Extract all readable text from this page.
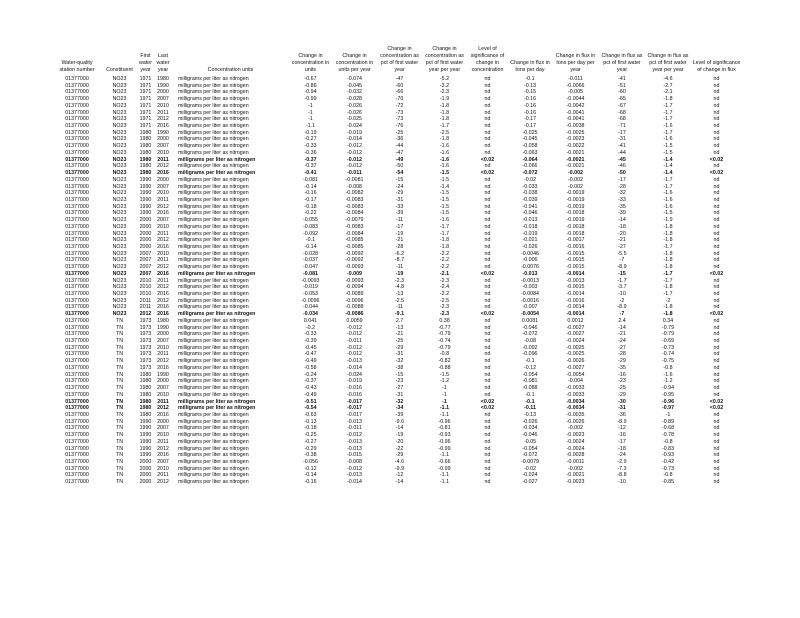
Water-quality station number	Constituent	First water year	Last water year	Concentration units	Change in concentration in units	Change in concentration in units per year	Change in concentration as pct of first water year	Change in concentration as pct of first water year per year	Level of significance of change in concentration	Change in flux in tons per day	Change in flux in tons per day per year	Change in flux as pct of first water year	Change in flux as pct of first water year per year	Level of significance of change in flux
01377000	NO23	1971	1980	milligrams per liter as nitrogen	-0.67	-0.074	-47	-5.2	nd	-0.1	-0.011	-41	-4.6	nd
01377000	NO23	1971	1990	milligrams per liter as nitrogen	-0.86	-0.045	-60	-3.2	nd	-0.13	-0.0066	-51	-2.7	nd
01377000	NO23	1971	2000	milligrams per liter as nitrogen	-0.94	-0.032	-66	-2.3	nd	-0.15	-0.005	-60	-2.1	nd
01377000	NO23	1971	2007	milligrams per liter as nitrogen	-0.99	-0.028	-70	-1.9	nd	-0.16	-0.0044	-65	-1.8	nd
01377000	NO23	1971	2010	milligrams per liter as nitrogen	-1	-0.026	-72	-1.8	nd	-0.16	-0.0042	-67	-1.7	nd
01377000	NO23	1971	2011	milligrams per liter as nitrogen	-1	-0.026	-73	-1.8	nd	-0.16	-0.0041	-68	-1.7	nd
01377000	NO23	1971	2012	milligrams per liter as nitrogen	-1	-0.025	-73	-1.8	nd	-0.17	-0.0041	-68	-1.7	nd
01377000	NO23	1971	2016	milligrams per liter as nitrogen	-1.1	-0.024	-76	-1.7	nd	-0.17	-0.0038	-71	-1.6	nd
01377000	NO23	1980	1990	milligrams per liter as nitrogen	-0.19	-0.019	-25	-2.5	nd	-0.025	-0.0025	-17	-1.7	nd
01377000	NO23	1980	2000	milligrams per liter as nitrogen	-0.27	-0.014	-36	-1.8	nd	-0.045	-0.0023	-31	-1.6	nd
01377000	NO23	1980	2007	milligrams per liter as nitrogen	-0.33	-0.012	-44	-1.6	nd	-0.058	-0.0022	-41	-1.5	nd
01377000	NO23	1980	2010	milligrams per liter as nitrogen	-0.36	-0.012	-47	-1.6	nd	-0.063	-0.0021	-44	-1.5	nd
01377000	NO23	1980	2011	milligrams per liter as nitrogen	-0.37	-0.012	-49	-1.6	<0.02	-0.064	-0.0021	-45	-1.4	<0.02
01377000	NO23	1980	2012	milligrams per liter as nitrogen	-0.37	-0.012	-50	-1.6	nd	-0.066	-0.0021	-46	-1.4	nd
01377000	NO23	1980	2016	milligrams per liter as nitrogen	-0.41	-0.011	-54	-1.5	<0.02	-0.072	-0.002	-50	-1.4	<0.02
01377000	NO23	1990	2000	milligrams per liter as nitrogen	-0.081	-0.0081	-15	-1.5	nd	-0.02	-0.002	-17	-1.7	nd
01377000	NO23	1990	2007	milligrams per liter as nitrogen	-0.14	-0.008	-24	-1.4	nd	-0.033	-0.002	-28	-1.7	nd
01377000	NO23	1990	2010	milligrams per liter as nitrogen	-0.16	-0.0082	-29	-1.5	nd	-0.038	-0.0019	-32	-1.6	nd
01377000	NO23	1990	2011	milligrams per liter as nitrogen	-0.17	-0.0083	-31	-1.5	nd	-0.039	-0.0019	-33	-1.6	nd
01377000	NO23	1990	2012	milligrams per liter as nitrogen	-0.18	-0.0083	-33	-1.5	nd	-0.041	-0.0019	-35	-1.6	nd
01377000	NO23	1990	2016	milligrams per liter as nitrogen	-0.22	-0.0084	-39	-1.5	nd	-0.046	-0.0018	-39	-1.5	nd
01377000	NO23	2000	2007	milligrams per liter as nitrogen	-0.055	-0.0079	-11	-1.6	nd	-0.013	-0.0019	-14	-1.9	nd
01377000	NO23	2000	2010	milligrams per liter as nitrogen	-0.083	-0.0083	-17	-1.7	nd	-0.018	-0.0018	-18	-1.8	nd
01377000	NO23	2000	2011	milligrams per liter as nitrogen	-0.092	-0.0084	-19	-1.7	nd	-0.019	-0.0018	-20	-1.8	nd
01377000	NO23	2000	2012	milligrams per liter as nitrogen	-0.1	-0.0085	-21	-1.8	nd	-0.021	-0.0017	-21	-1.8	nd
01377000	NO23	2000	2016	milligrams per liter as nitrogen	-0.14	-0.0085	-28	-1.8	nd	-0.026	-0.0016	-27	-1.7	nd
01377000	NO23	2007	2010	milligrams per liter as nitrogen	-0.028	-0.0092	-6.2	-2.2	nd	-0.0046	-0.0015	-5.5	-1.8	nd
01377000	NO23	2007	2011	milligrams per liter as nitrogen	-0.037	-0.0092	-8.7	-2.2	nd	-0.006	-0.0015	-7	-1.8	nd
01377000	NO23	2007	2012	milligrams per liter as nitrogen	-0.047	-0.0093	-11	-2.2	nd	-0.0076	-0.0015	-8.9	-1.8	nd
01377000	NO23	2007	2016	milligrams per liter as nitrogen	-0.081	-0.009	-19	-2.1	<0.02	-0.013	-0.0014	-15	-1.7	<0.02
01377000	NO23	2010	2011	milligrams per liter as nitrogen	-0.0093	-0.0093	-2.3	-2.3	nd	-0.0013	-0.0013	-1.7	-1.7	nd
01377000	NO23	2010	2012	milligrams per liter as nitrogen	-0.019	-0.0094	-4.8	-2.4	nd	-0.003	-0.0015	-3.7	-1.8	nd
01377000	NO23	2010	2016	milligrams per liter as nitrogen	-0.053	-0.0089	-13	-2.2	nd	-0.0084	-0.0014	-10	-1.7	nd
01377000	NO23	2011	2012	milligrams per liter as nitrogen	-0.0096	-0.0096	-2.5	-2.5	nd	-0.0016	-0.0016	-2	-2	nd
01377000	NO23	2011	2016	milligrams per liter as nitrogen	-0.044	-0.0088	-11	-2.3	nd	-0.007	-0.0014	-8.9	-1.8	nd
01377000	NO23	2012	2016	milligrams per liter as nitrogen	-0.034	-0.0086	-9.1	-2.3	<0.02	-0.0054	-0.0014	-7	-1.8	<0.02
01377000	TN	1973	1980	milligrams per liter as nitrogen	0.041	0.0059	2.7	0.38	nd	0.0081	0.0012	2.4	0.34	nd
01377000	TN	1973	1990	milligrams per liter as nitrogen	-0.2	-0.012	-13	-0.77	nd	-0.046	-0.0027	-14	-0.79	nd
01377000	TN	1973	2000	milligrams per liter as nitrogen	-0.33	-0.012	-21	-0.79	nd	-0.072	-0.0027	-21	-0.79	nd
01377000	TN	1973	2007	milligrams per liter as nitrogen	-0.39	-0.011	-25	-0.74	nd	-0.08	-0.0024	-24	-0.69	nd
01377000	TN	1973	2010	milligrams per liter as nitrogen	-0.45	-0.012	-29	-0.79	nd	-0.092	-0.0025	-27	-0.73	nd
01377000	TN	1973	2011	milligrams per liter as nitrogen	-0.47	-0.012	-31	-0.8	nd	-0.096	-0.0025	-28	-0.74	nd
01377000	TN	1973	2012	milligrams per liter as nitrogen	-0.49	-0.013	-32	-0.82	nd	-0.1	-0.0026	-29	-0.75	nd
01377000	TN	1973	2016	milligrams per liter as nitrogen	-0.58	-0.014	-38	-0.88	nd	-0.12	-0.0027	-35	-0.8	nd
01377000	TN	1980	1990	milligrams per liter as nitrogen	-0.24	-0.024	-15	-1.5	nd	-0.054	-0.0054	-16	-1.6	nd
01377000	TN	1980	2000	milligrams per liter as nitrogen	-0.37	-0.019	-23	-1.2	nd	-0.081	-0.004	-23	-1.2	nd
01377000	TN	1980	2007	milligrams per liter as nitrogen	-0.43	-0.016	-27	-1	nd	-0.088	-0.0033	-25	-0.94	nd
01377000	TN	1980	2010	milligrams per liter as nitrogen	-0.49	-0.016	-31	-1	nd	-0.1	-0.0033	-29	-0.95	nd
01377000	TN	1980	2011	milligrams per liter as nitrogen	-0.51	-0.017	-32	-1	<0.02	-0.1	-0.0034	-30	-0.96	<0.02
01377000	TN	1980	2012	milligrams per liter as nitrogen	-0.54	-0.017	-34	-1.1	<0.02	-0.11	-0.0034	-31	-0.97	<0.02
01377000	TN	1980	2016	milligrams per liter as nitrogen	-0.63	-0.017	-39	-1.1	nd	-0.13	-0.0035	-36	-1	nd
01377000	TN	1990	2000	milligrams per liter as nitrogen	-0.13	-0.013	-9.6	-0.96	nd	-0.026	-0.0026	-8.9	-0.89	nd
01377000	TN	1990	2007	milligrams per liter as nitrogen	-0.18	-0.011	-14	-0.81	nd	-0.034	-0.002	-12	-0.68	nd
01377000	TN	1990	2010	milligrams per liter as nitrogen	-0.25	-0.012	-19	-0.93	nd	-0.046	-0.0023	-16	-0.78	nd
01377000	TN	1990	2011	milligrams per liter as nitrogen	-0.27	-0.013	-20	-0.96	nd	-0.05	-0.0024	-17	-0.8	nd
01377000	TN	1990	2012	milligrams per liter as nitrogen	-0.29	-0.013	-22	-0.99	nd	-0.054	-0.0024	-18	-0.83	nd
01377000	TN	1990	2016	milligrams per liter as nitrogen	-0.38	-0.015	-29	-1.1	nd	-0.072	-0.0028	-24	-0.93	nd
01377000	TN	2000	2007	milligrams per liter as nitrogen	-0.056	-0.008	-4.6	-0.66	nd	-0.0079	-0.0011	-2.9	-0.42	nd
01377000	TN	2000	2010	milligrams per liter as nitrogen	-0.12	-0.012	-9.9	-0.99	nd	-0.02	-0.002	-7.3	-0.73	nd
01377000	TN	2000	2011	milligrams per liter as nitrogen	-0.14	-0.013	-12	-1.1	nd	-0.024	-0.0021	-8.8	-0.8	nd
01377000	TN	2000	2012	milligrams per liter as nitrogen	-0.16	-0.014	-14	-1.1	nd	-0.027	-0.0023	-10	-0.85	nd
